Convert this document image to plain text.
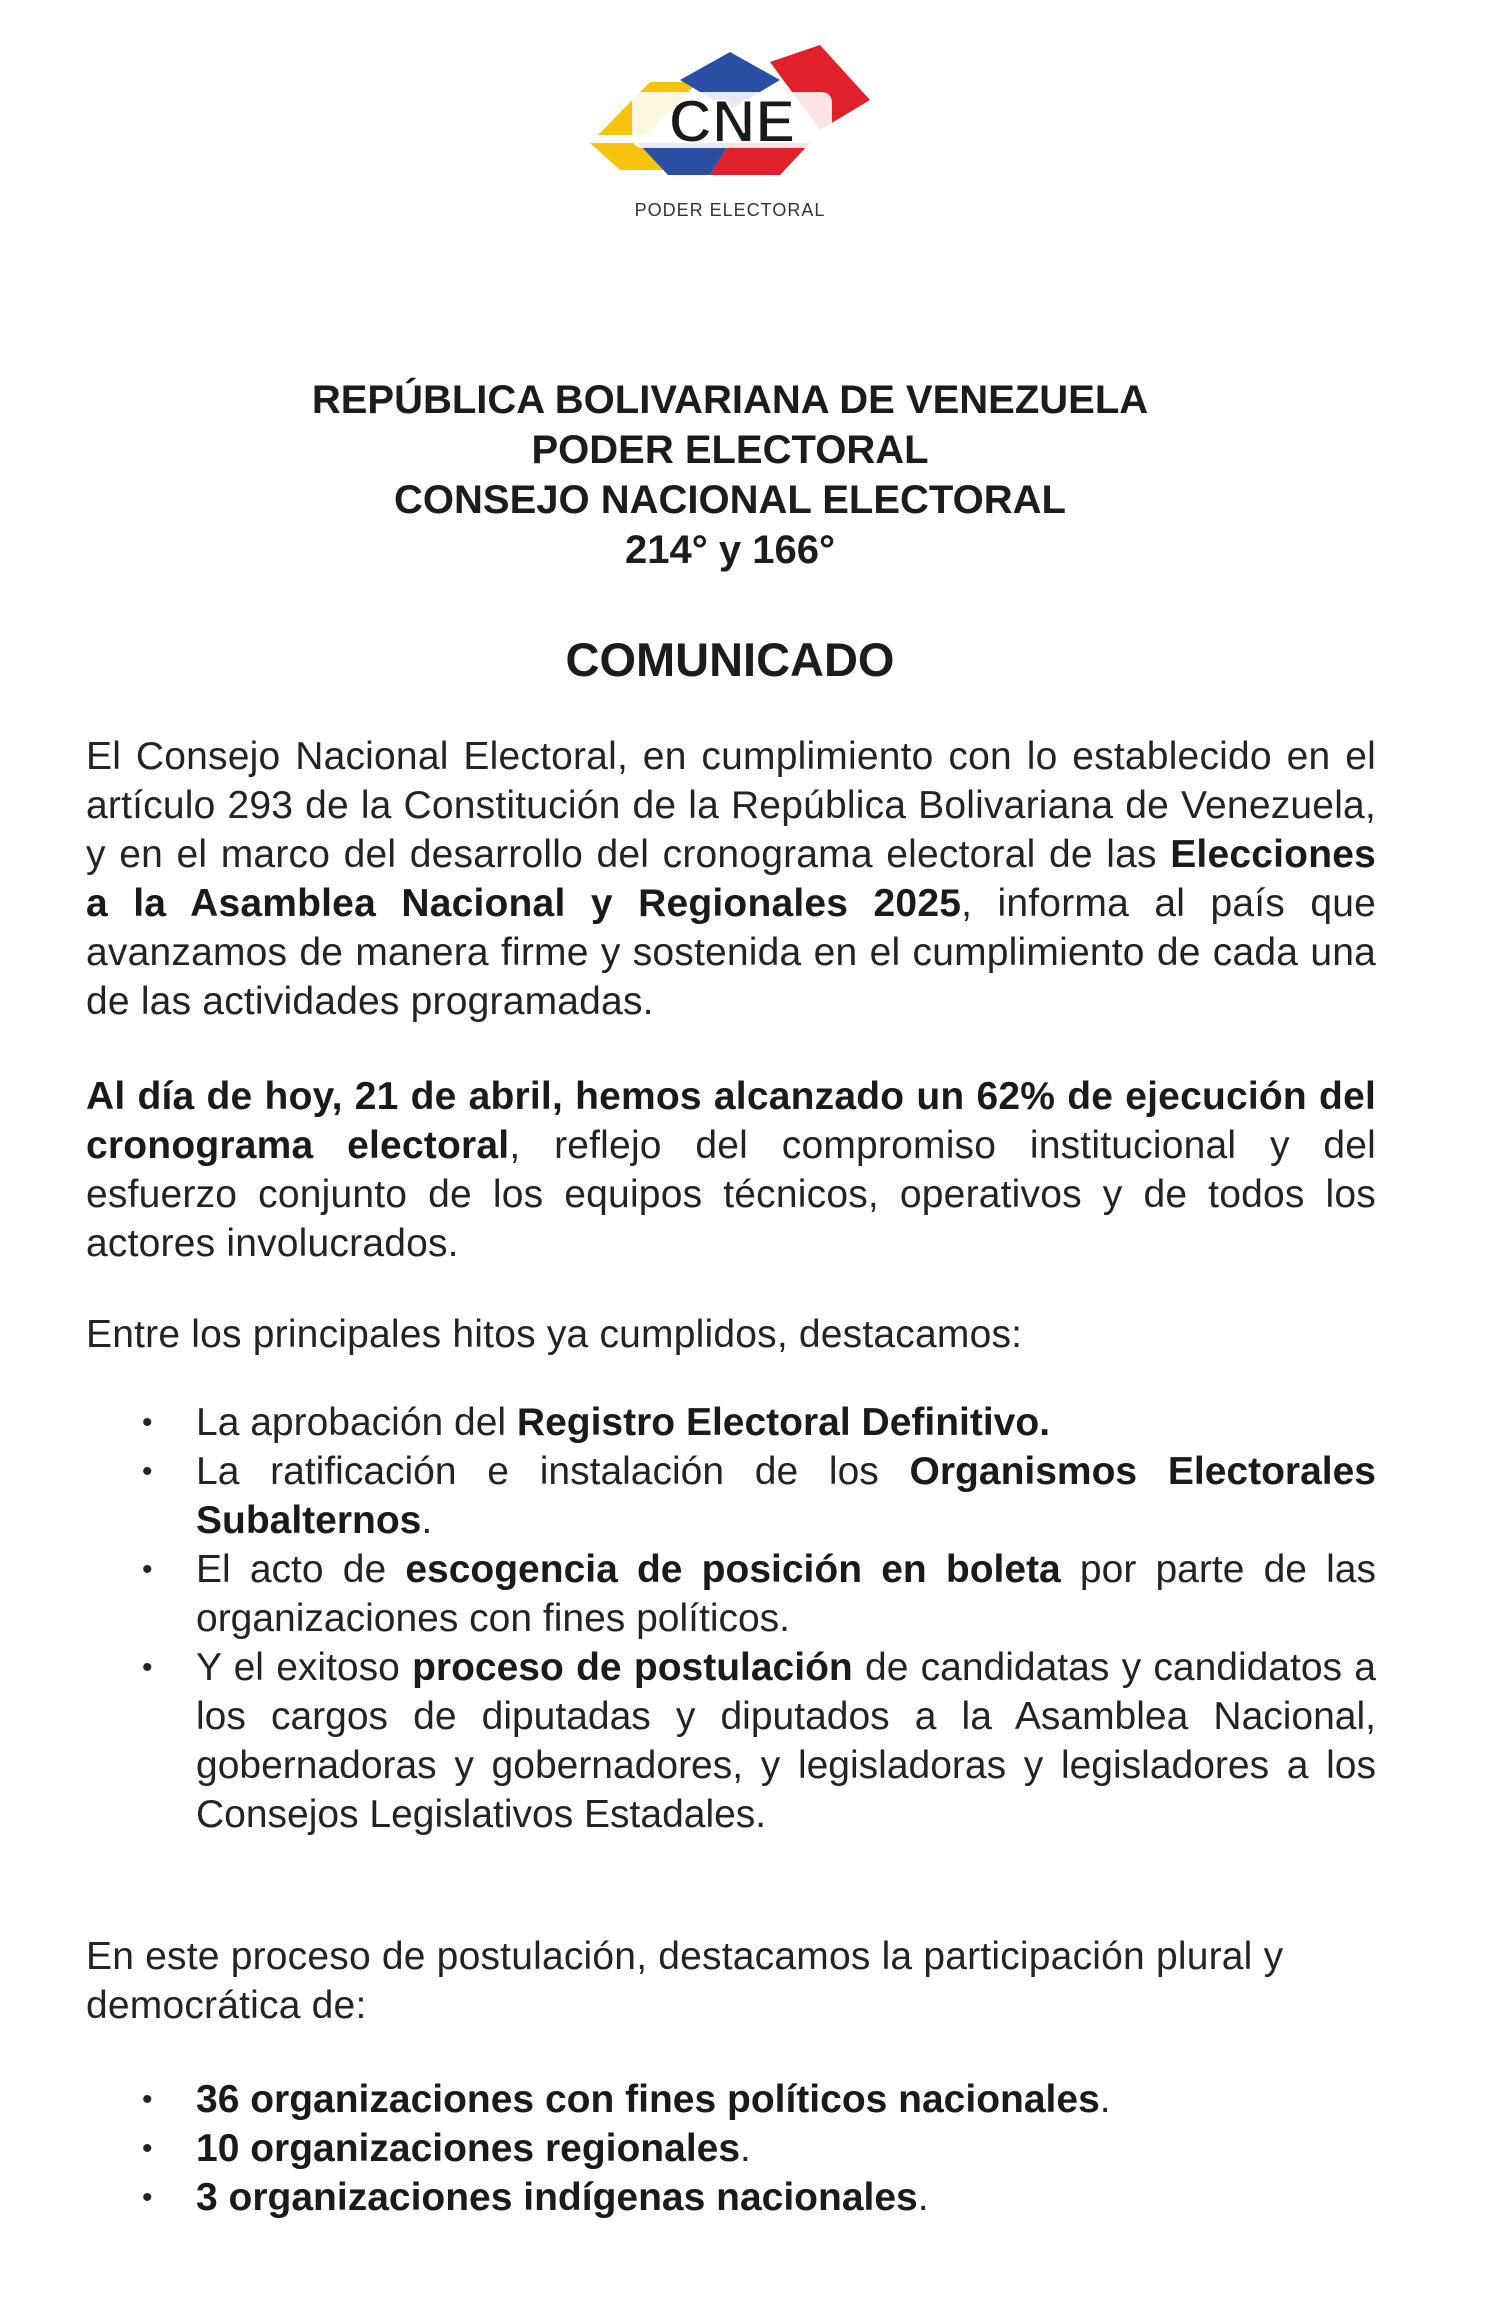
CNE
PODER ELECTORAL
REPÚBLICA BOLIVARIANA DE VENEZUELA
PODER ELECTORAL
CONSEJO NACIONAL ELECTORAL
214° y 166°
COMUNICADO
El Consejo Nacional Electoral, en cumplimiento con lo establecido en el artículo 293 de la Constitución de la República Bolivariana de Venezuela, y en el marco del desarrollo del cronograma electoral de las Elecciones a la Asamblea Nacional y Regionales 2025, informa al país que avanzamos de manera firme y sostenida en el cumplimiento de cada una de las actividades programadas.
Al día de hoy, 21 de abril, hemos alcanzado un 62% de ejecución del cronograma electoral, reflejo del compromiso institucional y del esfuerzo conjunto de los equipos técnicos, operativos y de todos los actores involucrados.
Entre los principales hitos ya cumplidos, destacamos:
• La aprobación del Registro Electoral Definitivo.
• La ratificación e instalación de los Organismos Electorales Subalternos.
• El acto de escogencia de posición en boleta por parte de las organizaciones con fines políticos.
• Y el exitoso proceso de postulación de candidatas y candidatos a los cargos de diputadas y diputados a la Asamblea Nacional, gobernadoras y gobernadores, y legisladoras y legisladores a los Consejos Legislativos Estadales.
En este proceso de postulación, destacamos la participación plural y democrática de:
• 36 organizaciones con fines políticos nacionales.
• 10 organizaciones regionales.
• 3 organizaciones indígenas nacionales.
